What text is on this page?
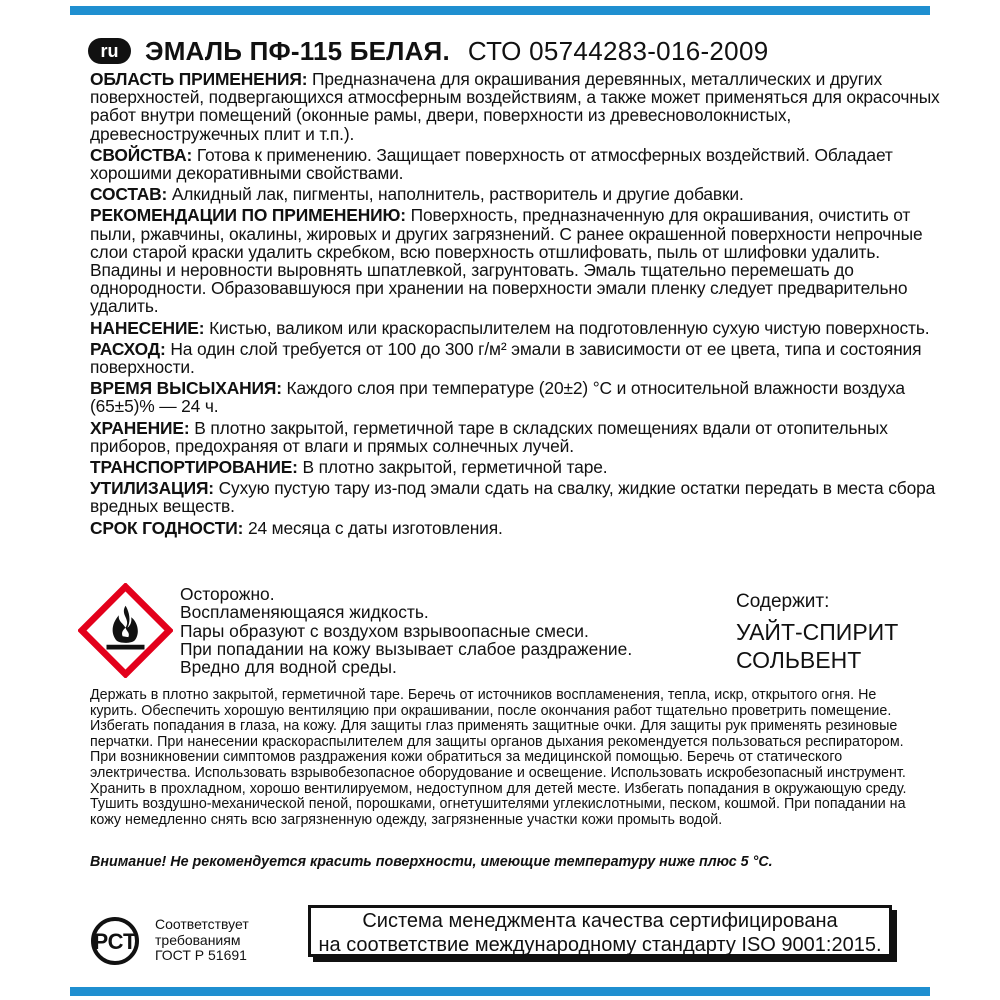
ru	ЭМАЛЬ ПФ-115 БЕЛАЯ. СТО 05744283-016-2009
ОБЛАСТЬ ПРИМЕНЕНИЯ: Предназначена для окрашивания деревянных, металлических и других поверхностей, подвергающихся атмосферным воздействиям, а также может применяться для окрасочных работ внутри помещений (оконные рамы, двери, поверхности из древесноволокнистых, древесностружечных плит и т.п.).
СВОЙСТВА: Готова к применению. Защищает поверхность от атмосферных воздействий. Обладает хорошими декоративными свойствами.
СОСТАВ: Алкидный лак, пигменты, наполнитель, растворитель и другие добавки.
РЕКОМЕНДАЦИИ ПО ПРИМЕНЕНИЮ: Поверхность, предназначенную для окрашивания, очистить от пыли, ржавчины, окалины, жировых и других загрязнений. С ранее окрашенной поверхности непрочные слои старой краски удалить скребком, всю поверхность отшлифовать, пыль от шлифовки удалить. Впадины и неровности выровнять шпатлевкой, загрунтовать. Эмаль тщательно перемешать до однородности. Образовавшуюся при хранении на поверхности эмали пленку следует предварительно удалить.
НАНЕСЕНИЕ: Кистью, валиком или краскораспылителем на подготовленную сухую чистую поверхность.
РАСХОД: На один слой требуется от 100 до 300 г/м² эмали в зависимости от ее цвета, типа и состояния поверхности.
ВРЕМЯ ВЫСЫХАНИЯ: Каждого слоя при температуре (20±2) °С и относительной влажности воздуха (65±5)% — 24 ч.
ХРАНЕНИЕ: В плотно закрытой, герметичной таре в складских помещениях вдали от отопительных приборов, предохраняя от влаги и прямых солнечных лучей.
ТРАНСПОРТИРОВАНИЕ: В плотно закрытой, герметичной таре.
УТИЛИЗАЦИЯ: Сухую пустую тару из-под эмали сдать на свалку, жидкие остатки передать в места сбора вредных веществ.
СРОК ГОДНОСТИ: 24 месяца с даты изготовления.
Осторожно.
Воспламеняющаяся жидкость.
Пары образуют с воздухом взрывоопасные смеси.
При попадании на кожу вызывает слабое раздражение.
Вредно для водной среды.
Содержит:
УАЙТ-СПИРИТ
СОЛЬВЕНТ
Держать в плотно закрытой, герметичной таре. Беречь от источников воспламенения, тепла, искр, открытого огня. Не курить. Обеспечить хорошую вентиляцию при окрашивании, после окончания работ тщательно проветрить помещение. Избегать попадания в глаза, на кожу. Для защиты глаз применять защитные очки. Для защиты рук применять резиновые перчатки. При нанесении краскораспылителем для защиты органов дыхания рекомендуется пользоваться респиратором. При возникновении симптомов раздражения кожи обратиться за медицинской помощью. Беречь от статического электричества. Использовать взрывобезопасное оборудование и освещение. Использовать искробезопасный инструмент. Хранить в прохладном, хорошо вентилируемом, недоступном для детей месте. Избегать попадания в окружающую среду. Тушить воздушно-механической пеной, порошками, огнетушителями углекислотными, песком, кошмой. При попадании на кожу немедленно снять всю загрязненную одежду, загрязненные участки кожи промыть водой.
Внимание! Не рекомендуется красить поверхности, имеющие температуру ниже плюс 5 °С.
РСТ
Соответствует
требованиям
ГОСТ Р 51691
Система менеджмента качества сертифицирована
на соответствие международному стандарту ISO 9001:2015.
